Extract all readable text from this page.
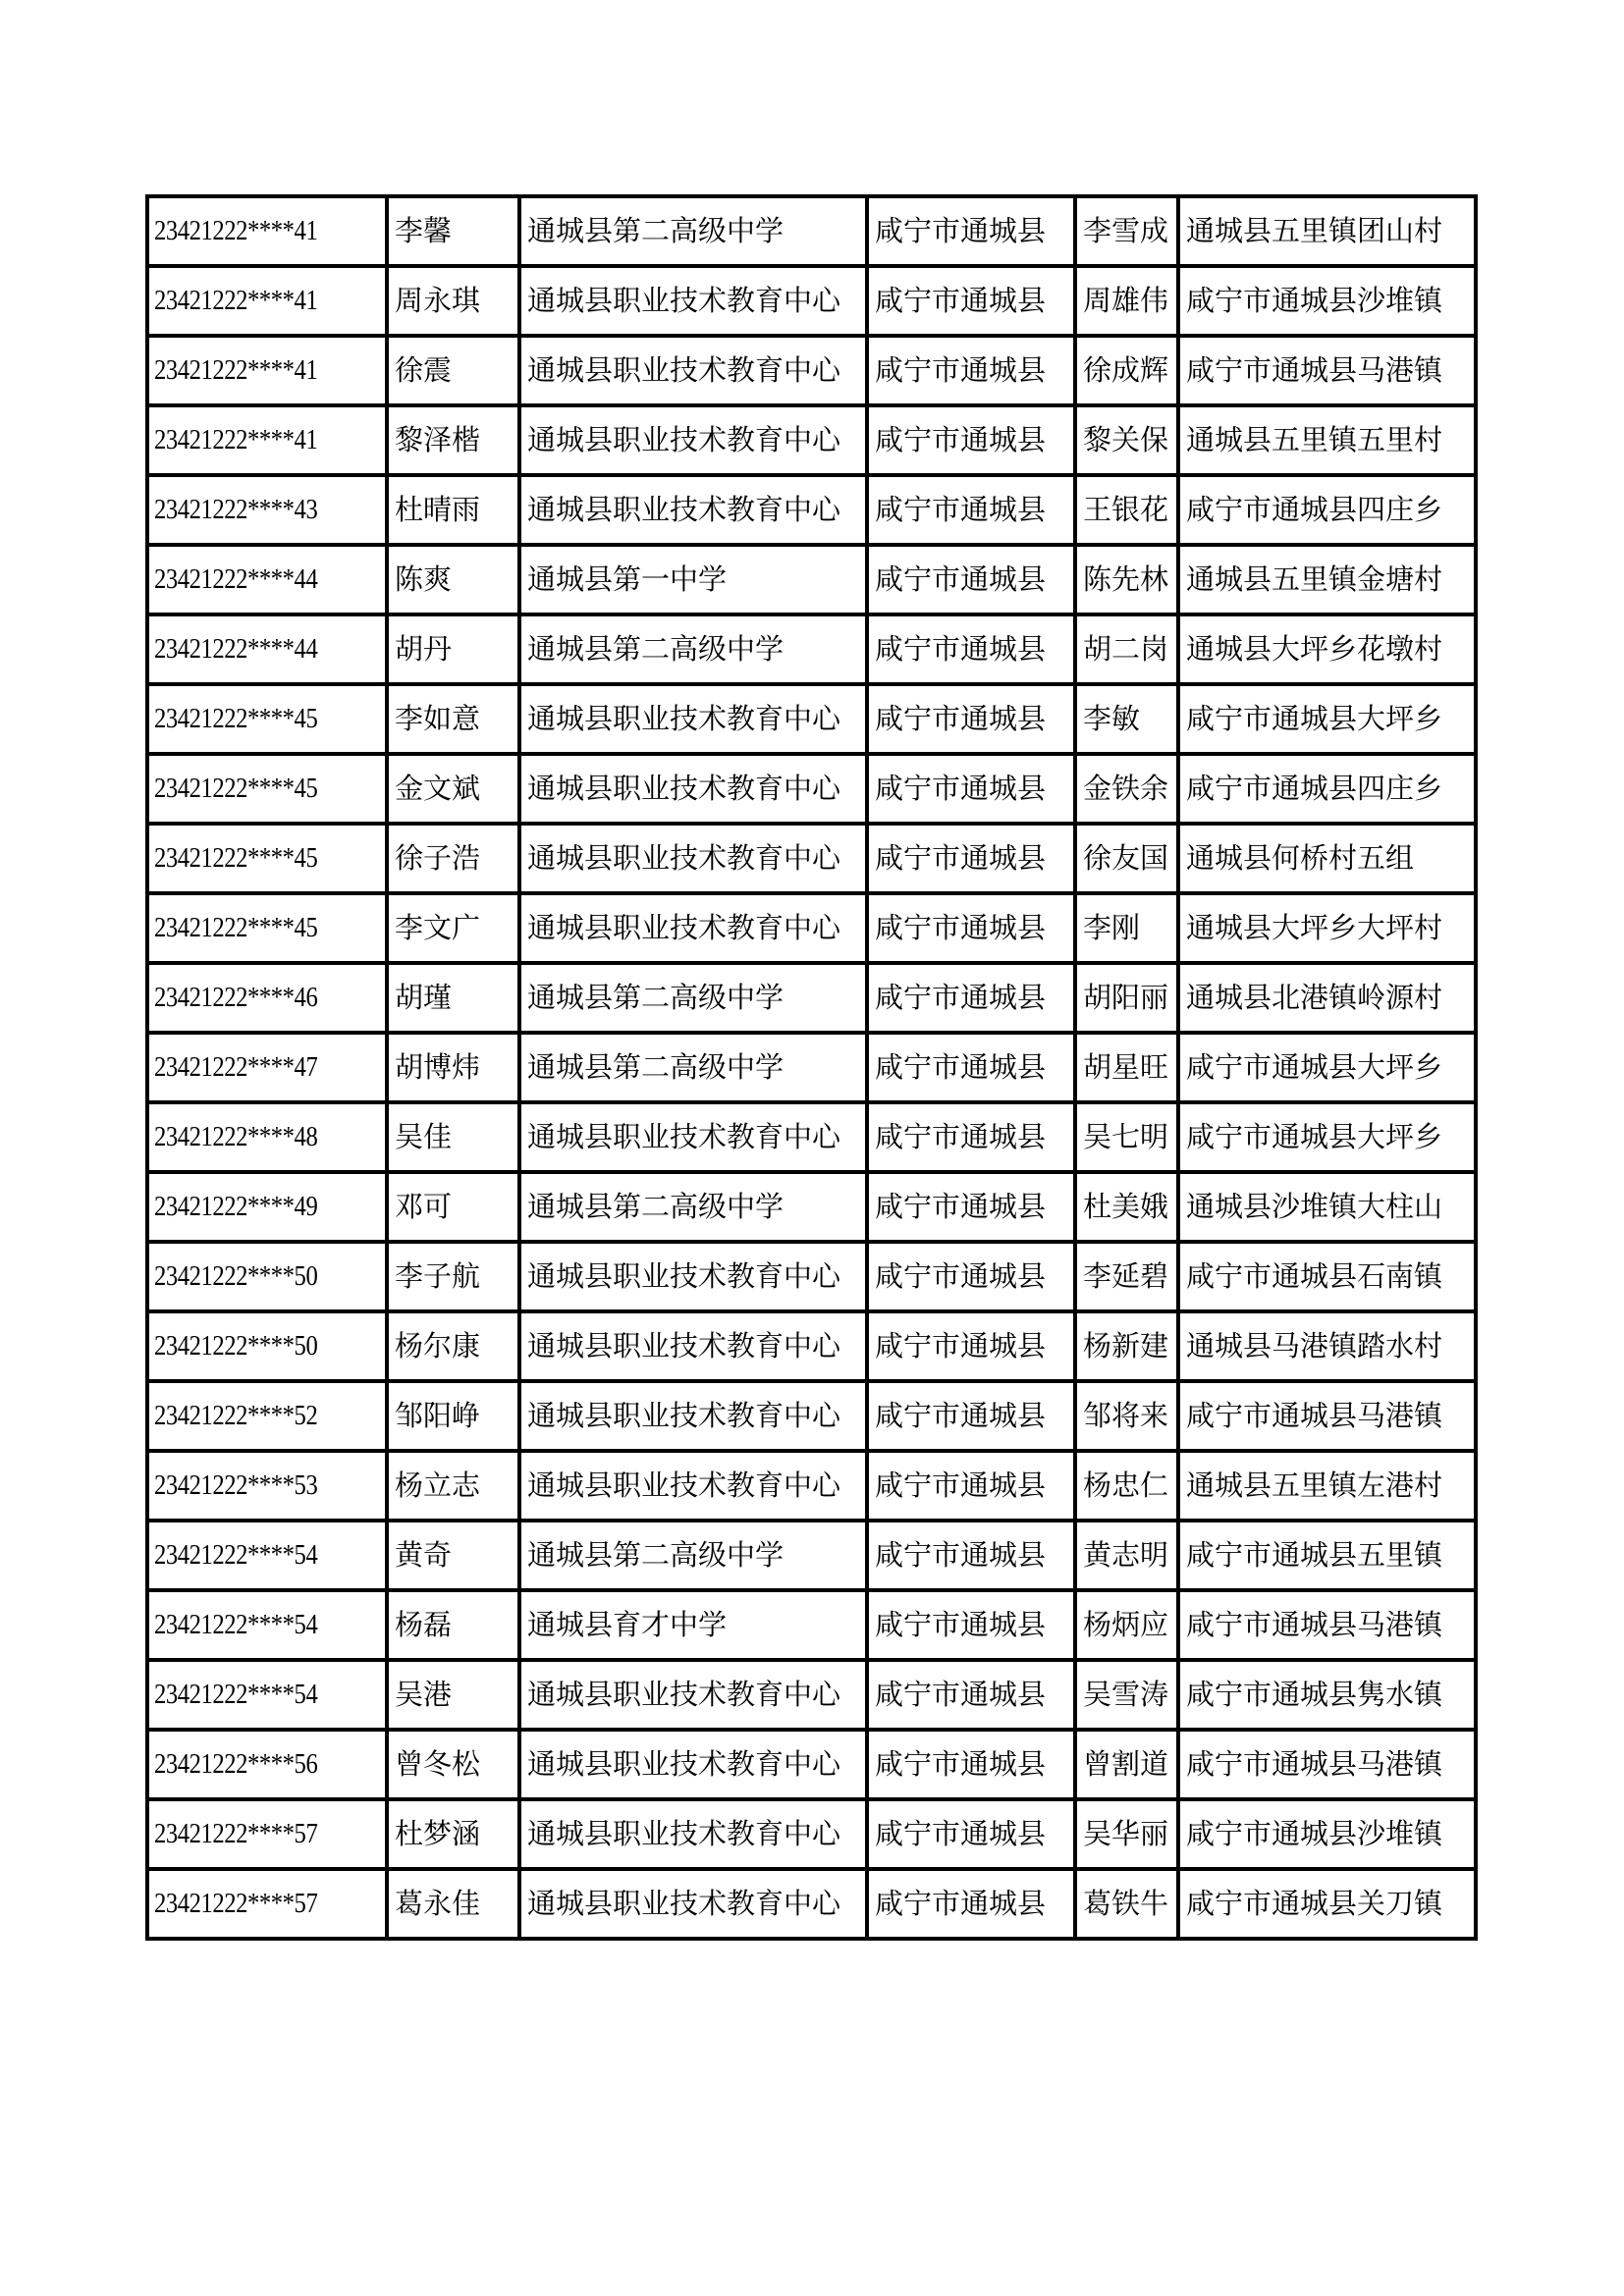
23421222****41	李馨	通城县第二高级中学	咸宁市通城县	李雪成	通城县五里镇团山村
23421222****41	周永琪	通城县职业技术教育中心	咸宁市通城县	周雄伟	咸宁市通城县沙堆镇
23421222****41	徐震	通城县职业技术教育中心	咸宁市通城县	徐成辉	咸宁市通城县马港镇
23421222****41	黎泽楷	通城县职业技术教育中心	咸宁市通城县	黎关保	通城县五里镇五里村
23421222****43	杜晴雨	通城县职业技术教育中心	咸宁市通城县	王银花	咸宁市通城县四庄乡
23421222****44	陈爽	通城县第一中学	咸宁市通城县	陈先林	通城县五里镇金塘村
23421222****44	胡丹	通城县第二高级中学	咸宁市通城县	胡二岗	通城县大坪乡花墩村
23421222****45	李如意	通城县职业技术教育中心	咸宁市通城县	李敏	咸宁市通城县大坪乡
23421222****45	金文斌	通城县职业技术教育中心	咸宁市通城县	金铁余	咸宁市通城县四庄乡
23421222****45	徐子浩	通城县职业技术教育中心	咸宁市通城县	徐友国	通城县何桥村五组
23421222****45	李文广	通城县职业技术教育中心	咸宁市通城县	李刚	通城县大坪乡大坪村
23421222****46	胡瑾	通城县第二高级中学	咸宁市通城县	胡阳丽	通城县北港镇岭源村
23421222****47	胡博炜	通城县第二高级中学	咸宁市通城县	胡星旺	咸宁市通城县大坪乡
23421222****48	吴佳	通城县职业技术教育中心	咸宁市通城县	吴七明	咸宁市通城县大坪乡
23421222****49	邓可	通城县第二高级中学	咸宁市通城县	杜美娥	通城县沙堆镇大柱山
23421222****50	李子航	通城县职业技术教育中心	咸宁市通城县	李延碧	咸宁市通城县石南镇
23421222****50	杨尔康	通城县职业技术教育中心	咸宁市通城县	杨新建	通城县马港镇踏水村
23421222****52	邹阳峥	通城县职业技术教育中心	咸宁市通城县	邹将来	咸宁市通城县马港镇
23421222****53	杨立志	通城县职业技术教育中心	咸宁市通城县	杨忠仁	通城县五里镇左港村
23421222****54	黄奇	通城县第二高级中学	咸宁市通城县	黄志明	咸宁市通城县五里镇
23421222****54	杨磊	通城县育才中学	咸宁市通城县	杨炳应	咸宁市通城县马港镇
23421222****54	吴港	通城县职业技术教育中心	咸宁市通城县	吴雪涛	咸宁市通城县隽水镇
23421222****56	曾冬松	通城县职业技术教育中心	咸宁市通城县	曾割道	咸宁市通城县马港镇
23421222****57	杜梦涵	通城县职业技术教育中心	咸宁市通城县	吴华丽	咸宁市通城县沙堆镇
23421222****57	葛永佳	通城县职业技术教育中心	咸宁市通城县	葛铁牛	咸宁市通城县关刀镇
